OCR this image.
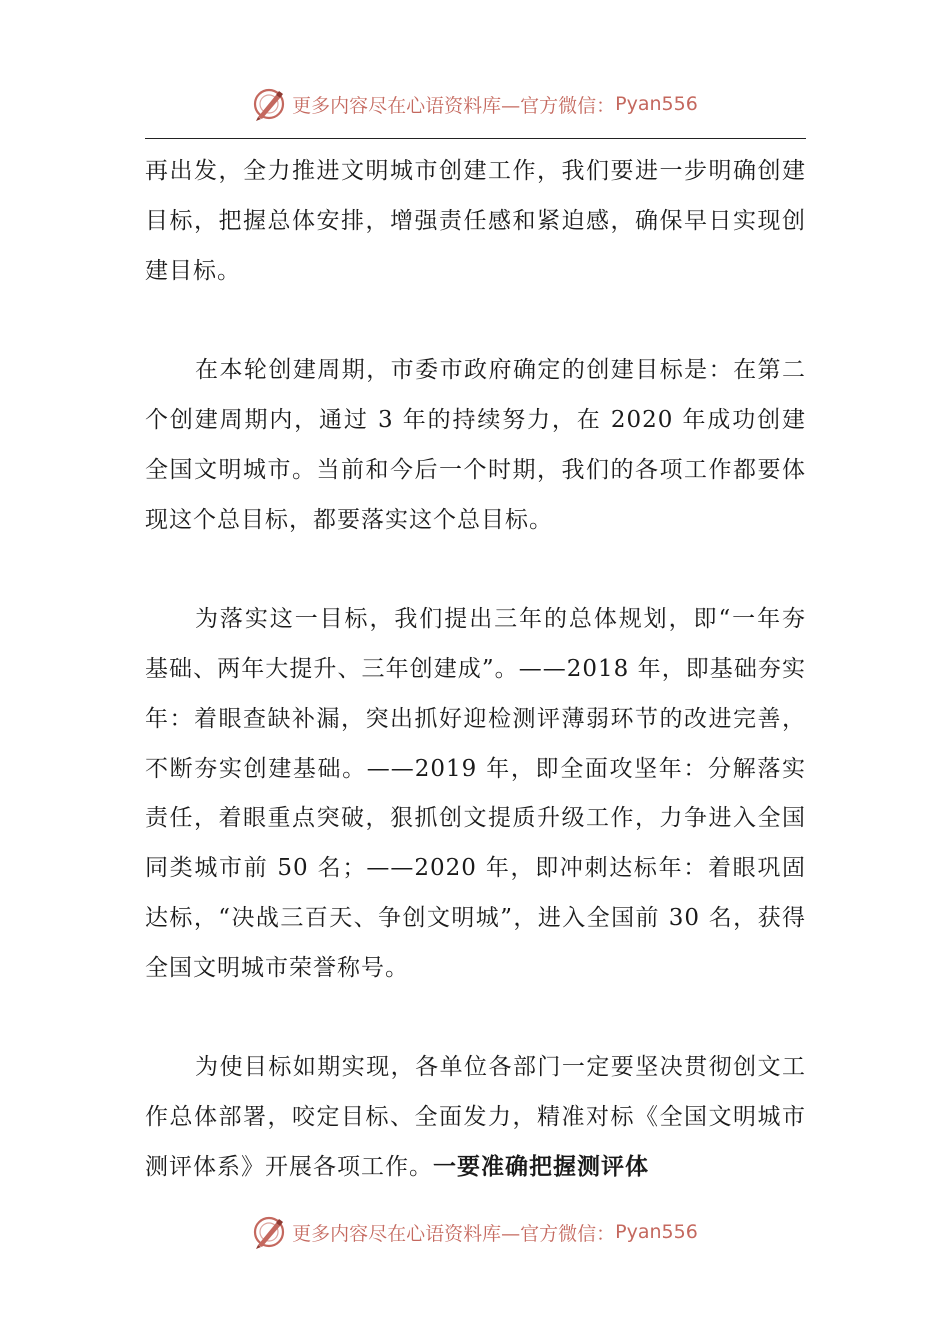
更多内容尽在心语资料库—官方微信： Pyan556

再出发，全力推进文明城市创建工作，我们要进一步明确创建目标，把握总体安排，增强责任感和紧迫感，确保早日实现创建目标。

在本轮创建周期，市委市政府确定的创建目标是：在第二个创建周期内，通过 3 年的持续努力，在 2020 年成功创建全国文明城市。当前和今后一个时期，我们的各项工作都要体现这个总目标，都要落实这个总目标。

为落实这一目标，我们提出三年的总体规划，即“一年夯基础、两年大提升、三年创建成”。——2018 年，即基础夯实年：着眼查缺补漏，突出抓好迎检测评薄弱环节的改进完善，不断夯实创建基础。——2019 年，即全面攻坚年：分解落实责任，着眼重点突破，狠抓创文提质升级工作，力争进入全国同类城市前 50 名；——2020 年，即冲刺达标年：着眼巩固达标，“决战三百天、争创文明城”，进入全国前 30 名，获得全国文明城市荣誉称号。

为使目标如期实现，各单位各部门一定要坚决贯彻创文工作总体部署，咬定目标、全面发力，精准对标《全国文明城市测评体系》开展各项工作。一要准确把握测评体

更多内容尽在心语资料库—官方微信： Pyan556
